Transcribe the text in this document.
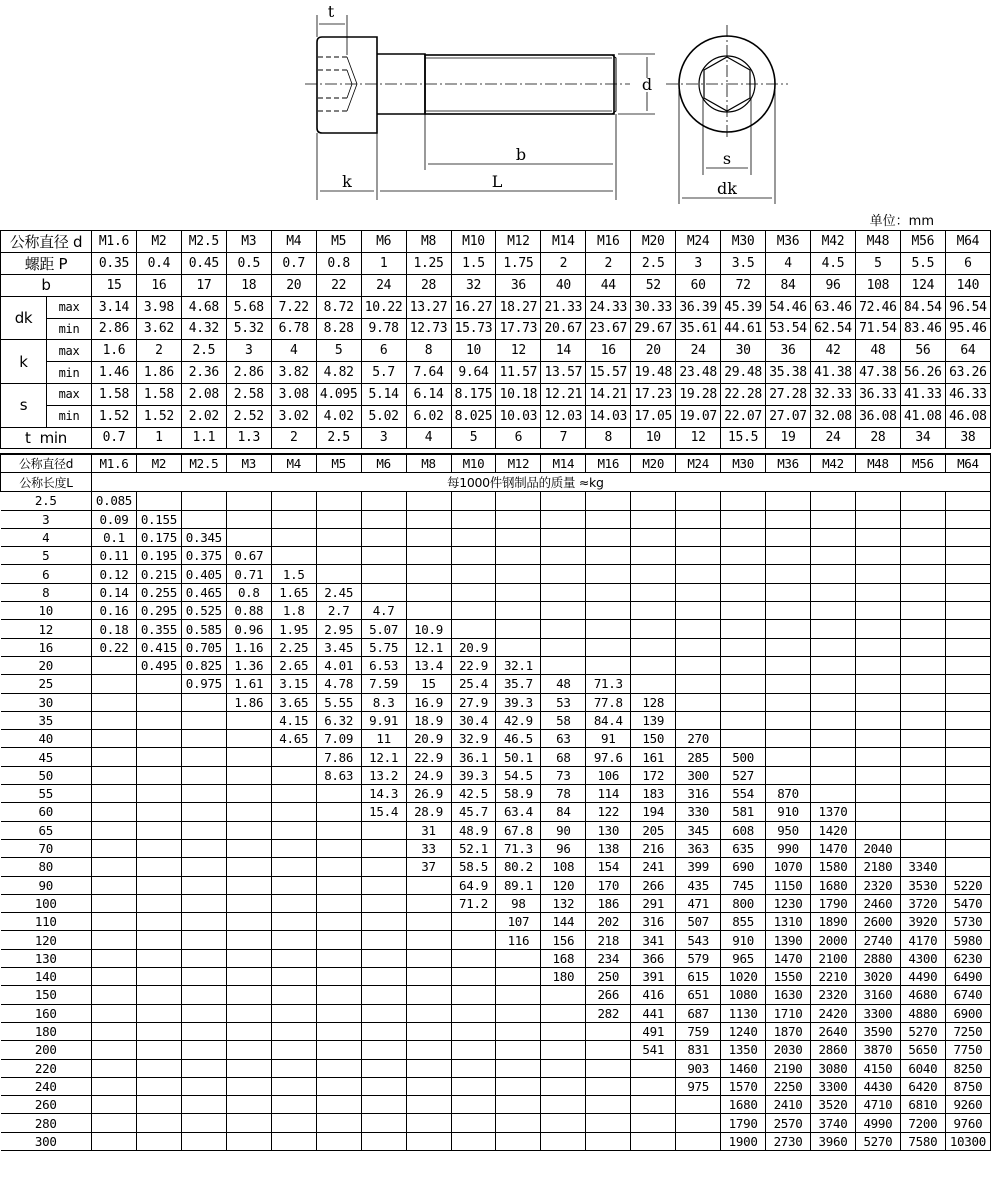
t
d
b
k	L
s
dk
单位：mm
公称直径 d		M1.6	M2	M2.5	M3	M4	M5	M6	M8	M10	M12	M14	M16	M20	M24	M30	M36	M42	M48	M56	M64
螺距 P		0.35	0.4	0.45	0.5	0.7	0.8	1	1.25	1.5	1.75	2	2	2.5	3	3.5	4	4.5	5	5.5	6
b		15	16	17	18	20	22	24	28	32	36	40	44	52	60	72	84	96	108	124	140
dk	max	3.14	3.98	4.68	5.68	7.22	8.72	10.22	13.27	16.27	18.27	21.33	24.33	30.33	36.39	45.39	54.46	63.46	72.46	84.54	96.54
	min	2.86	3.62	4.32	5.32	6.78	8.28	9.78	12.73	15.73	17.73	20.67	23.67	29.67	35.61	44.61	53.54	62.54	71.54	83.46	95.46
k	max	1.6	2	2.5	3	4	5	6	8	10	12	14	16	20	24	30	36	42	48	56	64
	min	1.46	1.86	2.36	2.86	3.82	4.82	5.7	7.64	9.64	11.57	13.57	15.57	19.48	23.48	29.48	35.38	41.38	47.38	56.26	63.26
s	max	1.58	1.58	2.08	2.58	3.08	4.095	5.14	6.14	8.175	10.18	12.21	14.21	17.23	19.28	22.28	27.28	32.33	36.33	41.33	46.33
	min	1.52	1.52	2.02	2.52	3.02	4.02	5.02	6.02	8.025	10.03	12.03	14.03	17.05	19.07	22.07	27.07	32.08	36.08	41.08	46.08
t  min		0.7	1	1.1	1.3	2	2.5	3	4	5	6	7	8	10	12	15.5	19	24	28	34	38
公称直径d	M1.6	M2	M2.5	M3	M4	M5	M6	M8	M10	M12	M14	M16	M20	M24	M30	M36	M42	M48	M56	M64
公称长度L	每1000件钢制品的质量 ≈kg																			
2.5	0.085																			
3	0.09	0.155																		
4	0.1	0.175	0.345																	
5	0.11	0.195	0.375	0.67																
6	0.12	0.215	0.405	0.71	1.5															
8	0.14	0.255	0.465	0.8	1.65	2.45														
10	0.16	0.295	0.525	0.88	1.8	2.7	4.7													
12	0.18	0.355	0.585	0.96	1.95	2.95	5.07	10.9												
16	0.22	0.415	0.705	1.16	2.25	3.45	5.75	12.1	20.9											
20		0.495	0.825	1.36	2.65	4.01	6.53	13.4	22.9	32.1										
25			0.975	1.61	3.15	4.78	7.59	15	25.4	35.7	48	71.3								
30				1.86	3.65	5.55	8.3	16.9	27.9	39.3	53	77.8	128							
35					4.15	6.32	9.91	18.9	30.4	42.9	58	84.4	139							
40					4.65	7.09	11	20.9	32.9	46.5	63	91	150	270						
45						7.86	12.1	22.9	36.1	50.1	68	97.6	161	285	500					
50						8.63	13.2	24.9	39.3	54.5	73	106	172	300	527					
55							14.3	26.9	42.5	58.9	78	114	183	316	554	870				
60							15.4	28.9	45.7	63.4	84	122	194	330	581	910	1370			
65								31	48.9	67.8	90	130	205	345	608	950	1420			
70								33	52.1	71.3	96	138	216	363	635	990	1470	2040		
80								37	58.5	80.2	108	154	241	399	690	1070	1580	2180	3340	
90									64.9	89.1	120	170	266	435	745	1150	1680	2320	3530	5220
100									71.2	98	132	186	291	471	800	1230	1790	2460	3720	5470
110										107	144	202	316	507	855	1310	1890	2600	3920	5730
120										116	156	218	341	543	910	1390	2000	2740	4170	5980
130											168	234	366	579	965	1470	2100	2880	4300	6230
140											180	250	391	615	1020	1550	2210	3020	4490	6490
150												266	416	651	1080	1630	2320	3160	4680	6740
160												282	441	687	1130	1710	2420	3300	4880	6900
180													491	759	1240	1870	2640	3590	5270	7250
200													541	831	1350	2030	2860	3870	5650	7750
220														903	1460	2190	3080	4150	6040	8250
240														975	1570	2250	3300	4430	6420	8750
260															1680	2410	3520	4710	6810	9260
280															1790	2570	3740	4990	7200	9760
300															1900	2730	3960	5270	7580	10300
